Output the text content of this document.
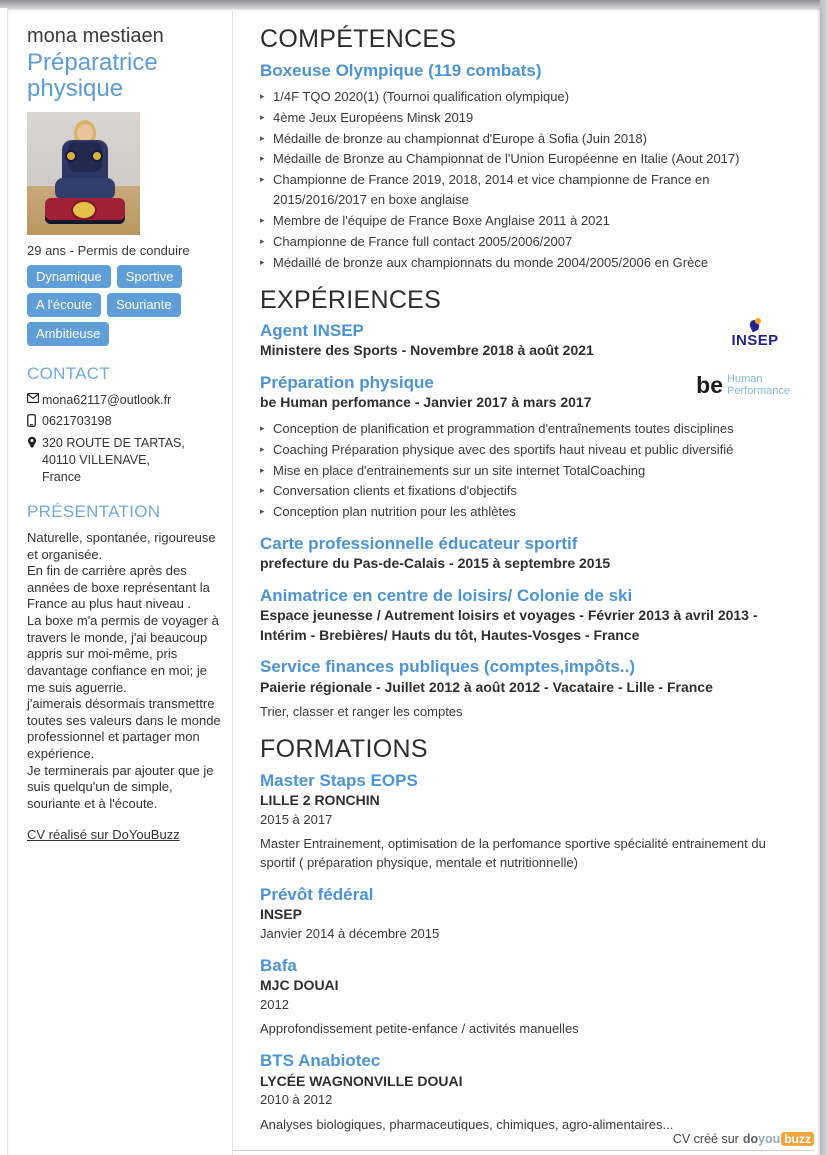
mona mestiaen
Préparatrice physique
29 ans - Permis de conduire
Dynamique	Sportive
A l'écoute	Souriante
Ambitieuse
CONTACT
mona62117@outlook.fr
0621703198
320 ROUTE DE TARTAS,
40110 VILLENAVE,
France
PRÉSENTATION

Naturelle, spontanée, rigoureuse et organisée.

En fin de carrière après des années de boxe représentant la France au plus haut niveau .

La boxe m'a permis de voyager à travers le monde, j'ai beaucoup appris sur moi-même, pris davantage confiance en moi; je me suis aguerrie.

j'aimerais désormais transmettre toutes ses valeurs dans le monde professionnel et partager mon expérience.

Je terminerais par ajouter que je suis quelqu'un de simple, souriante et à l'écoute.

CV réalisé sur DoYouBuzz
COMPÉTENCES
Boxeuse Olympique (119 combats)
▸ 1/4F TQO 2020(1) (Tournoi qualification olympique)
▸ 4ème Jeux Européens Minsk 2019
▸ Médaille de bronze au championnat d'Europe à Sofia (Juin 2018)
▸ Médaille de Bronze au Championnat de l'Union Européenne en Italie (Aout 2017)
▸ Championne de France 2019, 2018, 2014 et vice championne de France en 2015/2016/2017 en boxe anglaise
▸ Membre de l'équipe de France Boxe Anglaise 2011 à 2021
▸ Championne de France full contact 2005/2006/2007
▸ Médaillé de bronze aux championnats du monde 2004/2005/2006 en Grèce
EXPÉRIENCES
Agent INSEP
Ministere des Sports - Novembre 2018 à août 2021
INSEP
Préparation physique
be Human perfomance - Janvier 2017 à mars 2017
be Human
Performance
▸ Conception de planification et programmation d'entraînements toutes disciplines
▸ Coaching Préparation physique avec des sportifs haut niveau et public diversifié
▸ Mise en place d'entrainements sur un site internet TotalCoaching
▸ Conversation clients et fixations d'objectifs
▸ Conception plan nutrition pour les athlètes
Carte professionnelle éducateur sportif
prefecture du Pas-de-Calais - 2015 à septembre 2015
Animatrice en centre de loisirs/ Colonie de ski
Espace jeunesse / Autrement loisirs et voyages - Février 2013 à avril 2013 - Intérim - Brebières/ Hauts du tôt, Hautes-Vosges - France
Service finances publiques (comptes,impôts..)
Paierie régionale - Juillet 2012 à août 2012 - Vacataire - Lille - France
Trier, classer et ranger les comptes
FORMATIONS
Master Staps EOPS
LILLE 2 RONCHIN
2015 à 2017
Master Entrainement, optimisation de la perfomance sportive spécialité entrainement du sportif ( préparation physique, mentale et nutritionnelle)
Prévôt fédéral
INSEP
Janvier 2014 à décembre 2015
Bafa
MJC DOUAI
2012
Approfondissement petite-enfance / activités manuelles
BTS Anabiotec
LYCÉE WAGNONVILLE DOUAI
2010 à 2012
Analyses biologiques, pharmaceutiques, chimiques, agro-alimentaires...
CV créé sur do you buzz
